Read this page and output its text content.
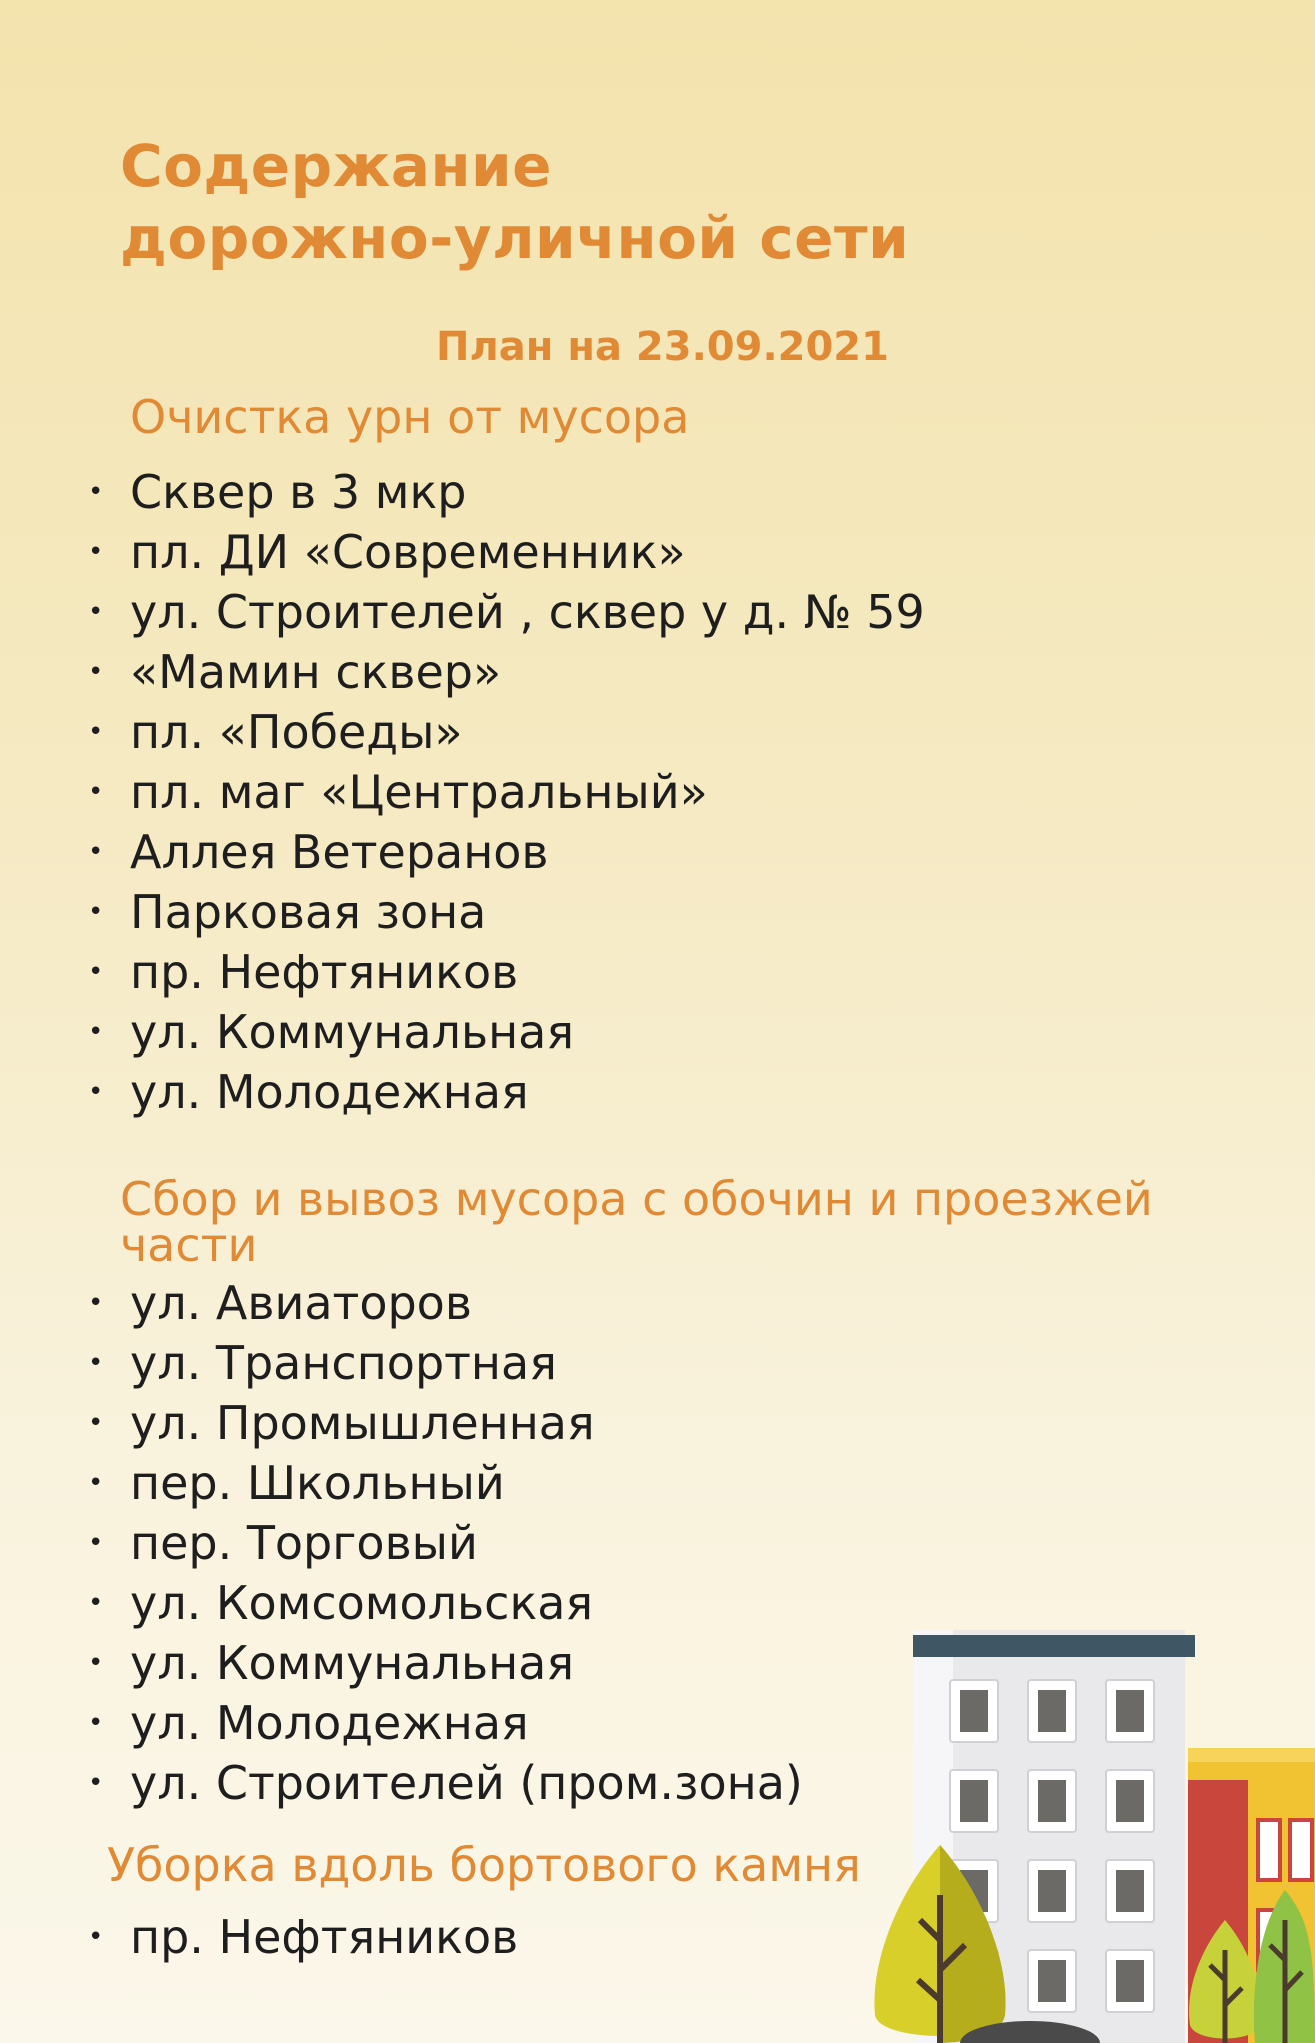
Содержание
дорожно-уличной сети
План на 23.09.2021
Очистка урн от мусора
• Сквер в 3 мкр
• пл. ДИ «Современник»
• ул. Строителей , сквер у д. № 59
• «Мамин сквер»
• пл. «Победы»
• пл. маг «Центральный»
• Аллея Ветеранов
• Парковая зона
• пр. Нефтяников
• ул. Коммунальная
• ул. Молодежная
Сбор и вывоз мусора с обочин и проезжей
части
• ул. Авиаторов
• ул. Транспортная
• ул. Промышленная
• пер. Школьный
• пер. Торговый
• ул. Комсомольская
• ул. Коммунальная
• ул. Молодежная
• ул. Строителей (пром.зона)
Уборка вдоль бортового камня
• пр. Нефтяников
